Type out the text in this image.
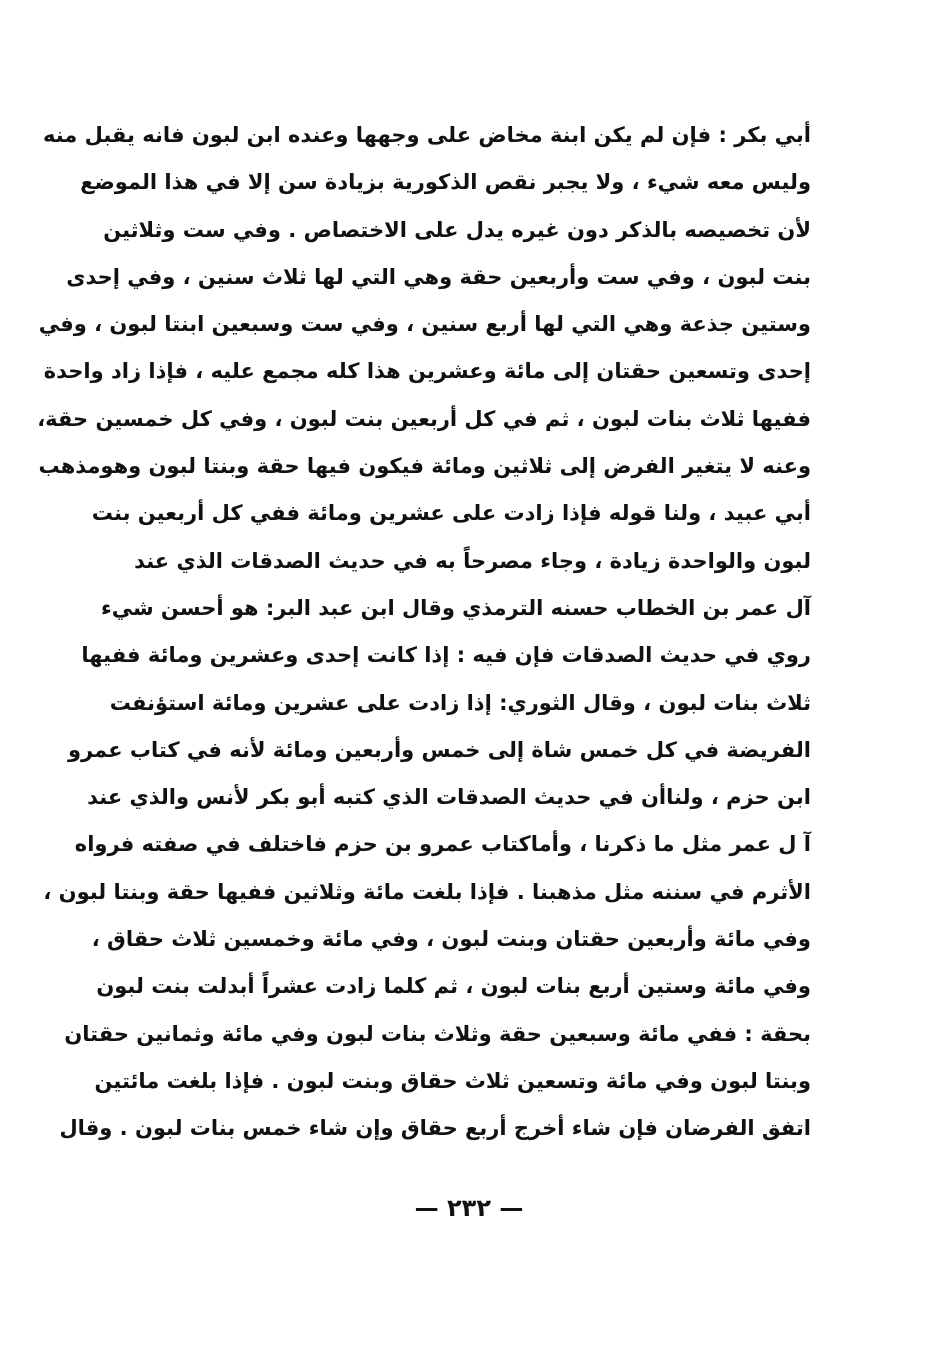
أبي بكر : فإن لم يكن ابنة مخاض على وجهها وعنده ابن لبون فانه يقبل منه
وليس معه شيء ، ولا يجبر نقص الذكورية بزيادة سن إلا في هذا الموضع
لأن تخصيصه بالذكر دون غيره يدل على الاختصاص . وفي ست وثلاثين
بنت لبون ، وفي ست وأربعين حقة وهي التي لها ثلاث سنين ، وفي إحدى
وستين جذعة وهي التي لها أربع سنين ، وفي ست وسبعين ابنتا لبون ، وفي
إحدى وتسعين حقتان إلى مائة وعشرين هذا كله مجمع عليه ، فإذا زاد واحدة
ففيها ثلاث بنات لبون ، ثم في كل أربعين بنت لبون ، وفي كل خمسين حقة،
وعنه لا يتغير الفرض إلى ثلاثين ومائة فيكون فيها حقة وبنتا لبون وهومذهب
أبي عبيد ، ولنا قوله فإذا زادت على عشرين ومائة ففي كل أربعين بنت
لبون والواحدة زيادة ، وجاء مصرحاً به في حديث الصدقات الذي عند
آل عمر بن الخطاب حسنه الترمذي وقال ابن عبد البر: هو أحسن شيء
روي في حديث الصدقات فإن فيه : إذا كانت إحدى وعشرين ومائة ففيها
ثلاث بنات لبون ، وقال الثوري: إذا زادت على عشرين ومائة استؤنفت
الفريضة في كل خمس شاة إلى خمس وأربعين ومائة لأنه في كتاب عمرو
ابن حزم ، ولناأن في حديث الصدقات الذي كتبه أبو بكر لأنس والذي عند
آ ل عمر مثل ما ذكرنا ، وأماكتاب عمرو بن حزم فاختلف في صفته فرواه
الأثرم في سننه مثل مذهبنا . فإذا بلغت مائة وثلاثين ففيها حقة وبنتا لبون ،
وفي مائة وأربعين حقتان وبنت لبون ، وفي مائة وخمسين ثلاث حقاق ،
وفي مائة وستين أربع بنات لبون ، ثم كلما زادت عشراً أبدلت بنت لبون
بحقة : ففي مائة وسبعين حقة وثلاث بنات لبون وفي مائة وثمانين حقتان
وبنتا لبون وفي مائة وتسعين ثلاث حقاق وبنت لبون . فإذا بلغت مائتين
اتفق الفرضان فإن شاء أخرج أربع حقاق وإن شاء خمس بنات لبون . وقال
— ٢٣٢ —
